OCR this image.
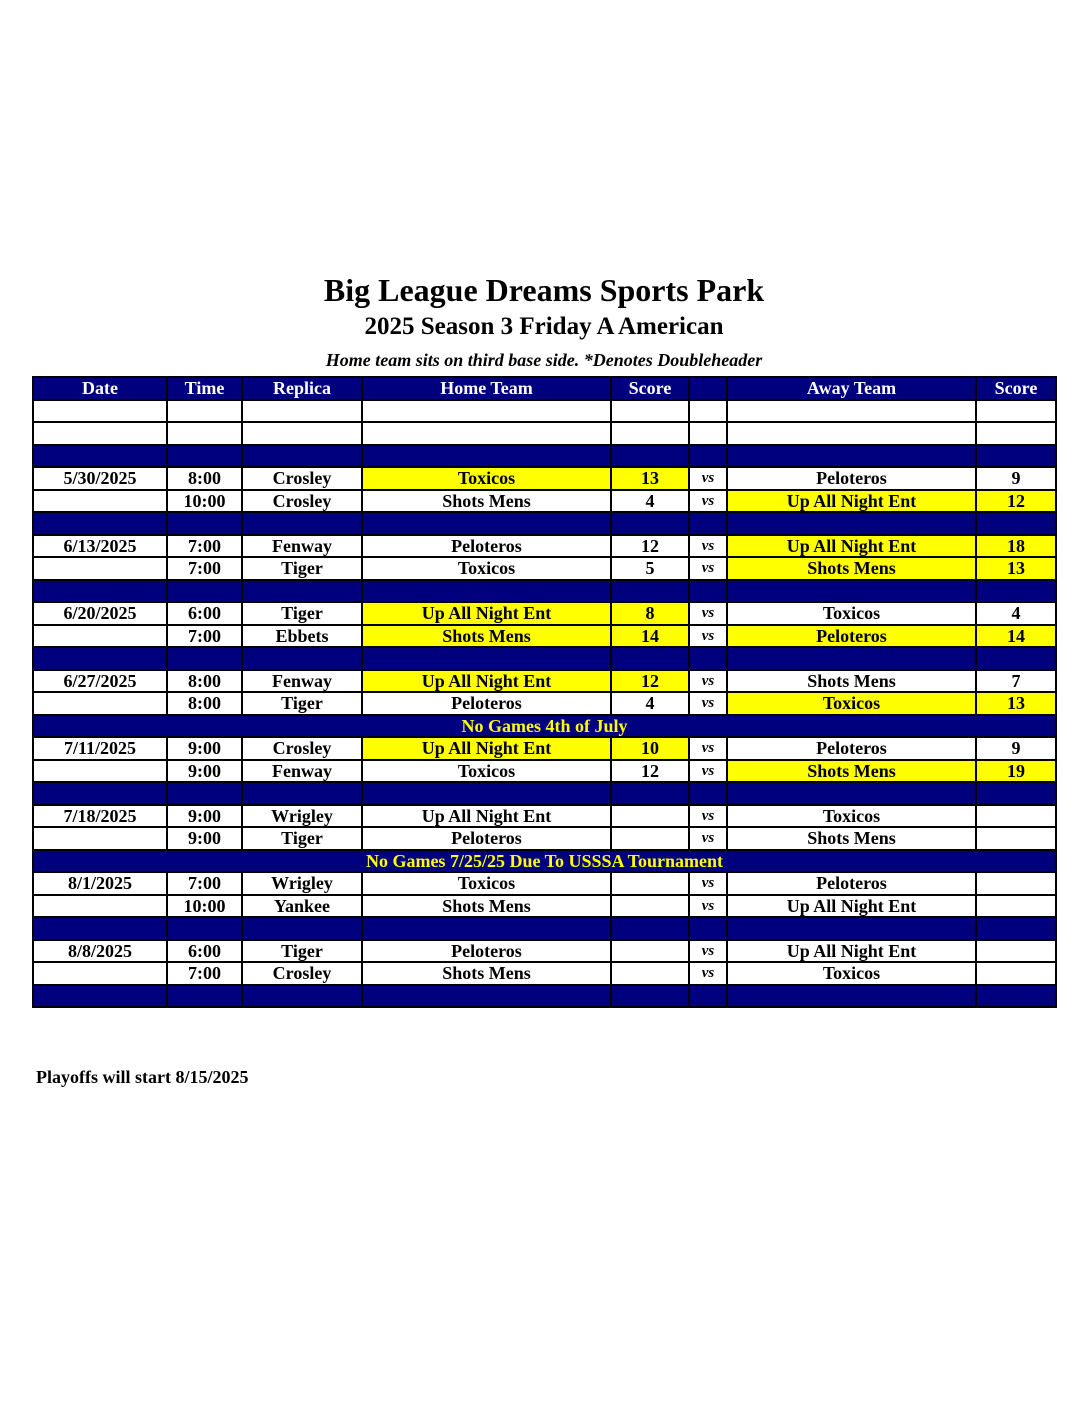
Big League Dreams Sports Park
2025 Season 3 Friday A American
Home team sits on third base side. *Denotes Doubleheader
Date	Time	Replica	Home Team	Score		Away Team	Score

5/30/2025	8:00	Crosley	Toxicos	13	vs	Peloteros	9
	10:00	Crosley	Shots Mens	4	vs	Up All Night Ent	12

6/13/2025	7:00	Fenway	Peloteros	12	vs	Up All Night Ent	18
	7:00	Tiger	Toxicos	5	vs	Shots Mens	13

6/20/2025	6:00	Tiger	Up All Night Ent	8	vs	Toxicos	4
	7:00	Ebbets	Shots Mens	14	vs	Peloteros	14

6/27/2025	8:00	Fenway	Up All Night Ent	12	vs	Shots Mens	7
	8:00	Tiger	Peloteros	4	vs	Toxicos	13
No Games 4th of July							
7/11/2025	9:00	Crosley	Up All Night Ent	10	vs	Peloteros	9
	9:00	Fenway	Toxicos	12	vs	Shots Mens	19

7/18/2025	9:00	Wrigley	Up All Night Ent		vs	Toxicos	
	9:00	Tiger	Peloteros		vs	Shots Mens	
No Games 7/25/25 Due To USSSA Tournament							
8/1/2025	7:00	Wrigley	Toxicos		vs	Peloteros	
	10:00	Yankee	Shots Mens		vs	Up All Night Ent	

8/8/2025	6:00	Tiger	Peloteros		vs	Up All Night Ent	
	7:00	Crosley	Shots Mens		vs	Toxicos	

Playoffs will start 8/15/2025
